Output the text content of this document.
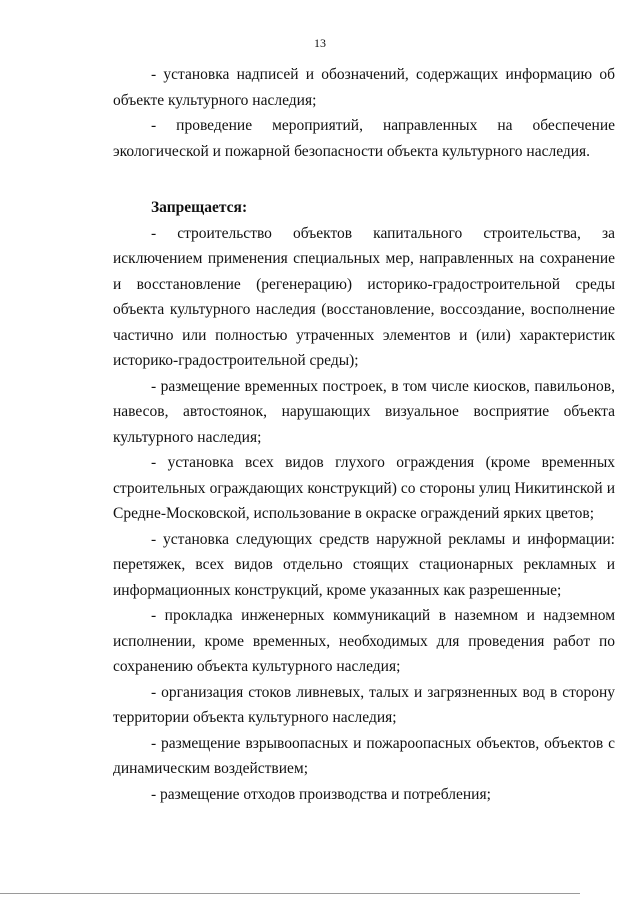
13

- установка надписей и обозначений, содержащих информацию об объекте культурного наследия;

- проведение мероприятий, направленных на обеспечение экологической и пожарной безопасности объекта культурного наследия.

Запрещается:

- строительство объектов капитального строительства, за исключением применения специальных мер, направленных на сохранение и восстановление (регенерацию) историко-градостроительной среды объекта культурного наследия (восстановление, воссоздание, восполнение частично или полностью утраченных элементов и (или) характеристик историко-градостроительной среды);

- размещение временных построек, в том числе киосков, павильонов, навесов, автостоянок, нарушающих визуальное восприятие объекта культурного наследия;

- установка всех видов глухого ограждения (кроме временных строительных ограждающих конструкций) со стороны улиц Никитинской и Средне-Московской, использование в окраске ограждений ярких цветов;

- установка следующих средств наружной рекламы и информации: перетяжек, всех видов отдельно стоящих стационарных рекламных и информационных конструкций, кроме указанных как разрешенные;

- прокладка инженерных коммуникаций в наземном и надземном исполнении, кроме временных, необходимых для проведения работ по сохранению объекта культурного наследия;

- организация стоков ливневых, талых и загрязненных вод в сторону территории объекта культурного наследия;

- размещение взрывоопасных и пожароопасных объектов, объектов с динамическим воздействием;

- размещение отходов производства и потребления;
